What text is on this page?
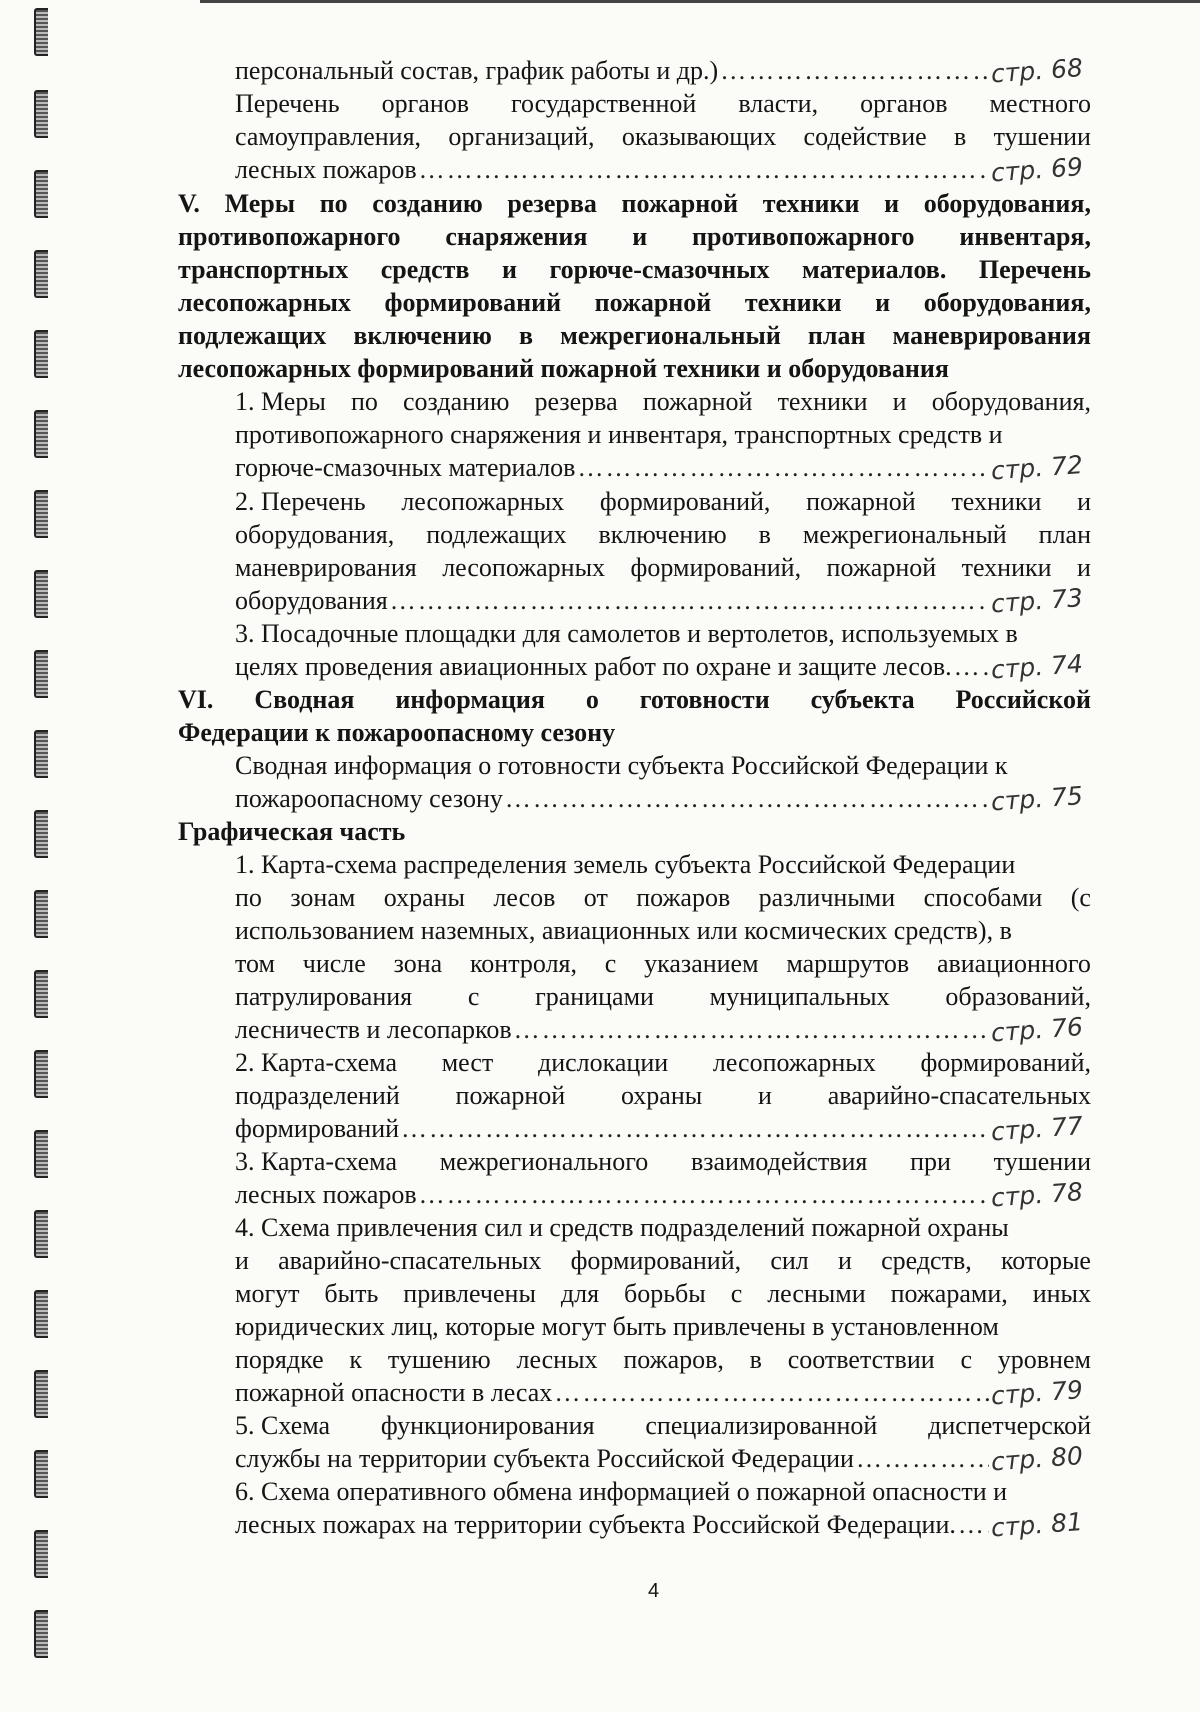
персональный состав, график работы и др.) ……………………………………………………………………………………………………………………………………………………………………………………	стр. 68
Перечень органов государственной власти, органов местного
самоуправления, организаций, оказывающих содействие в тушении
лесных пожаров ……………………………………………………………………………………………………………………………………………………………………………………	стр. 69
V. Меры по созданию резерва пожарной техники и оборудования,
противопожарного снаряжения и противопожарного инвентаря,
транспортных средств и горюче-смазочных материалов. Перечень
лесопожарных формирований пожарной техники и оборудования,
подлежащих включению в межрегиональный план маневрирования
лесопожарных формирований пожарной техники и оборудования
1. Меры по созданию резерва пожарной техники и оборудования,
противопожарного снаряжения и инвентаря, транспортных средств и
горюче-смазочных материалов ……………………………………………………………………………………………………………………………………………………………………………………	стр. 72
2. Перечень лесопожарных формирований, пожарной техники и
оборудования, подлежащих включению в межрегиональный план
маневрирования лесопожарных формирований, пожарной техники и
оборудования ……………………………………………………………………………………………………………………………………………………………………………………	стр. 73
3. Посадочные площадки для самолетов и вертолетов, используемых в
целях проведения авиационных работ по охране и защите лесов. …………………………………………………………………………………………………………………………………………………………………………………… стр. 74
VI. Сводная информация о готовности субъекта Российской
Федерации к пожароопасному сезону
Сводная информация о готовности субъекта Российской Федерации к
пожароопасному сезону ……………………………………………………………………………………………………………………………………………………………………………………	стр. 75
Графическая часть
1. Карта-схема распределения земель субъекта Российской Федерации
по зонам охраны лесов от пожаров различными способами (с
использованием наземных, авиационных или космических средств), в
том числе зона контроля, с указанием маршрутов авиационного
патрулирования с границами муниципальных образований,
лесничеств и лесопарков ……………………………………………………………………………………………………………………………………………………………………………………	стр. 76
2. Карта-схема мест дислокации лесопожарных формирований,
подразделений пожарной охраны и аварийно-спасательных
формирований ……………………………………………………………………………………………………………………………………………………………………………………	стр. 77
3. Карта-схема межрегионального взаимодействия при тушении
лесных пожаров ……………………………………………………………………………………………………………………………………………………………………………………	стр. 78
4. Схема привлечения сил и средств подразделений пожарной охраны
и аварийно-спасательных формирований, сил и средств, которые
могут быть привлечены для борьбы с лесными пожарами, иных
юридических лиц, которые могут быть привлечены в установленном
порядке к тушению лесных пожаров, в соответствии с уровнем
пожарной опасности в лесах ……………………………………………………………………………………………………………………………………………………………………………………	стр. 79
5. Схема функционирования специализированной диспетчерской
службы на территории субъекта Российской Федерации ……………………………………………………………………………………………………………………………………………………………………………………	стр. 80
6. Схема оперативного обмена информацией о пожарной опасности и
лесных пожарах на территории субъекта Российской Федерации. …………………………………………………………………………………………………………………………………………………………………………………… стр. 81
4
